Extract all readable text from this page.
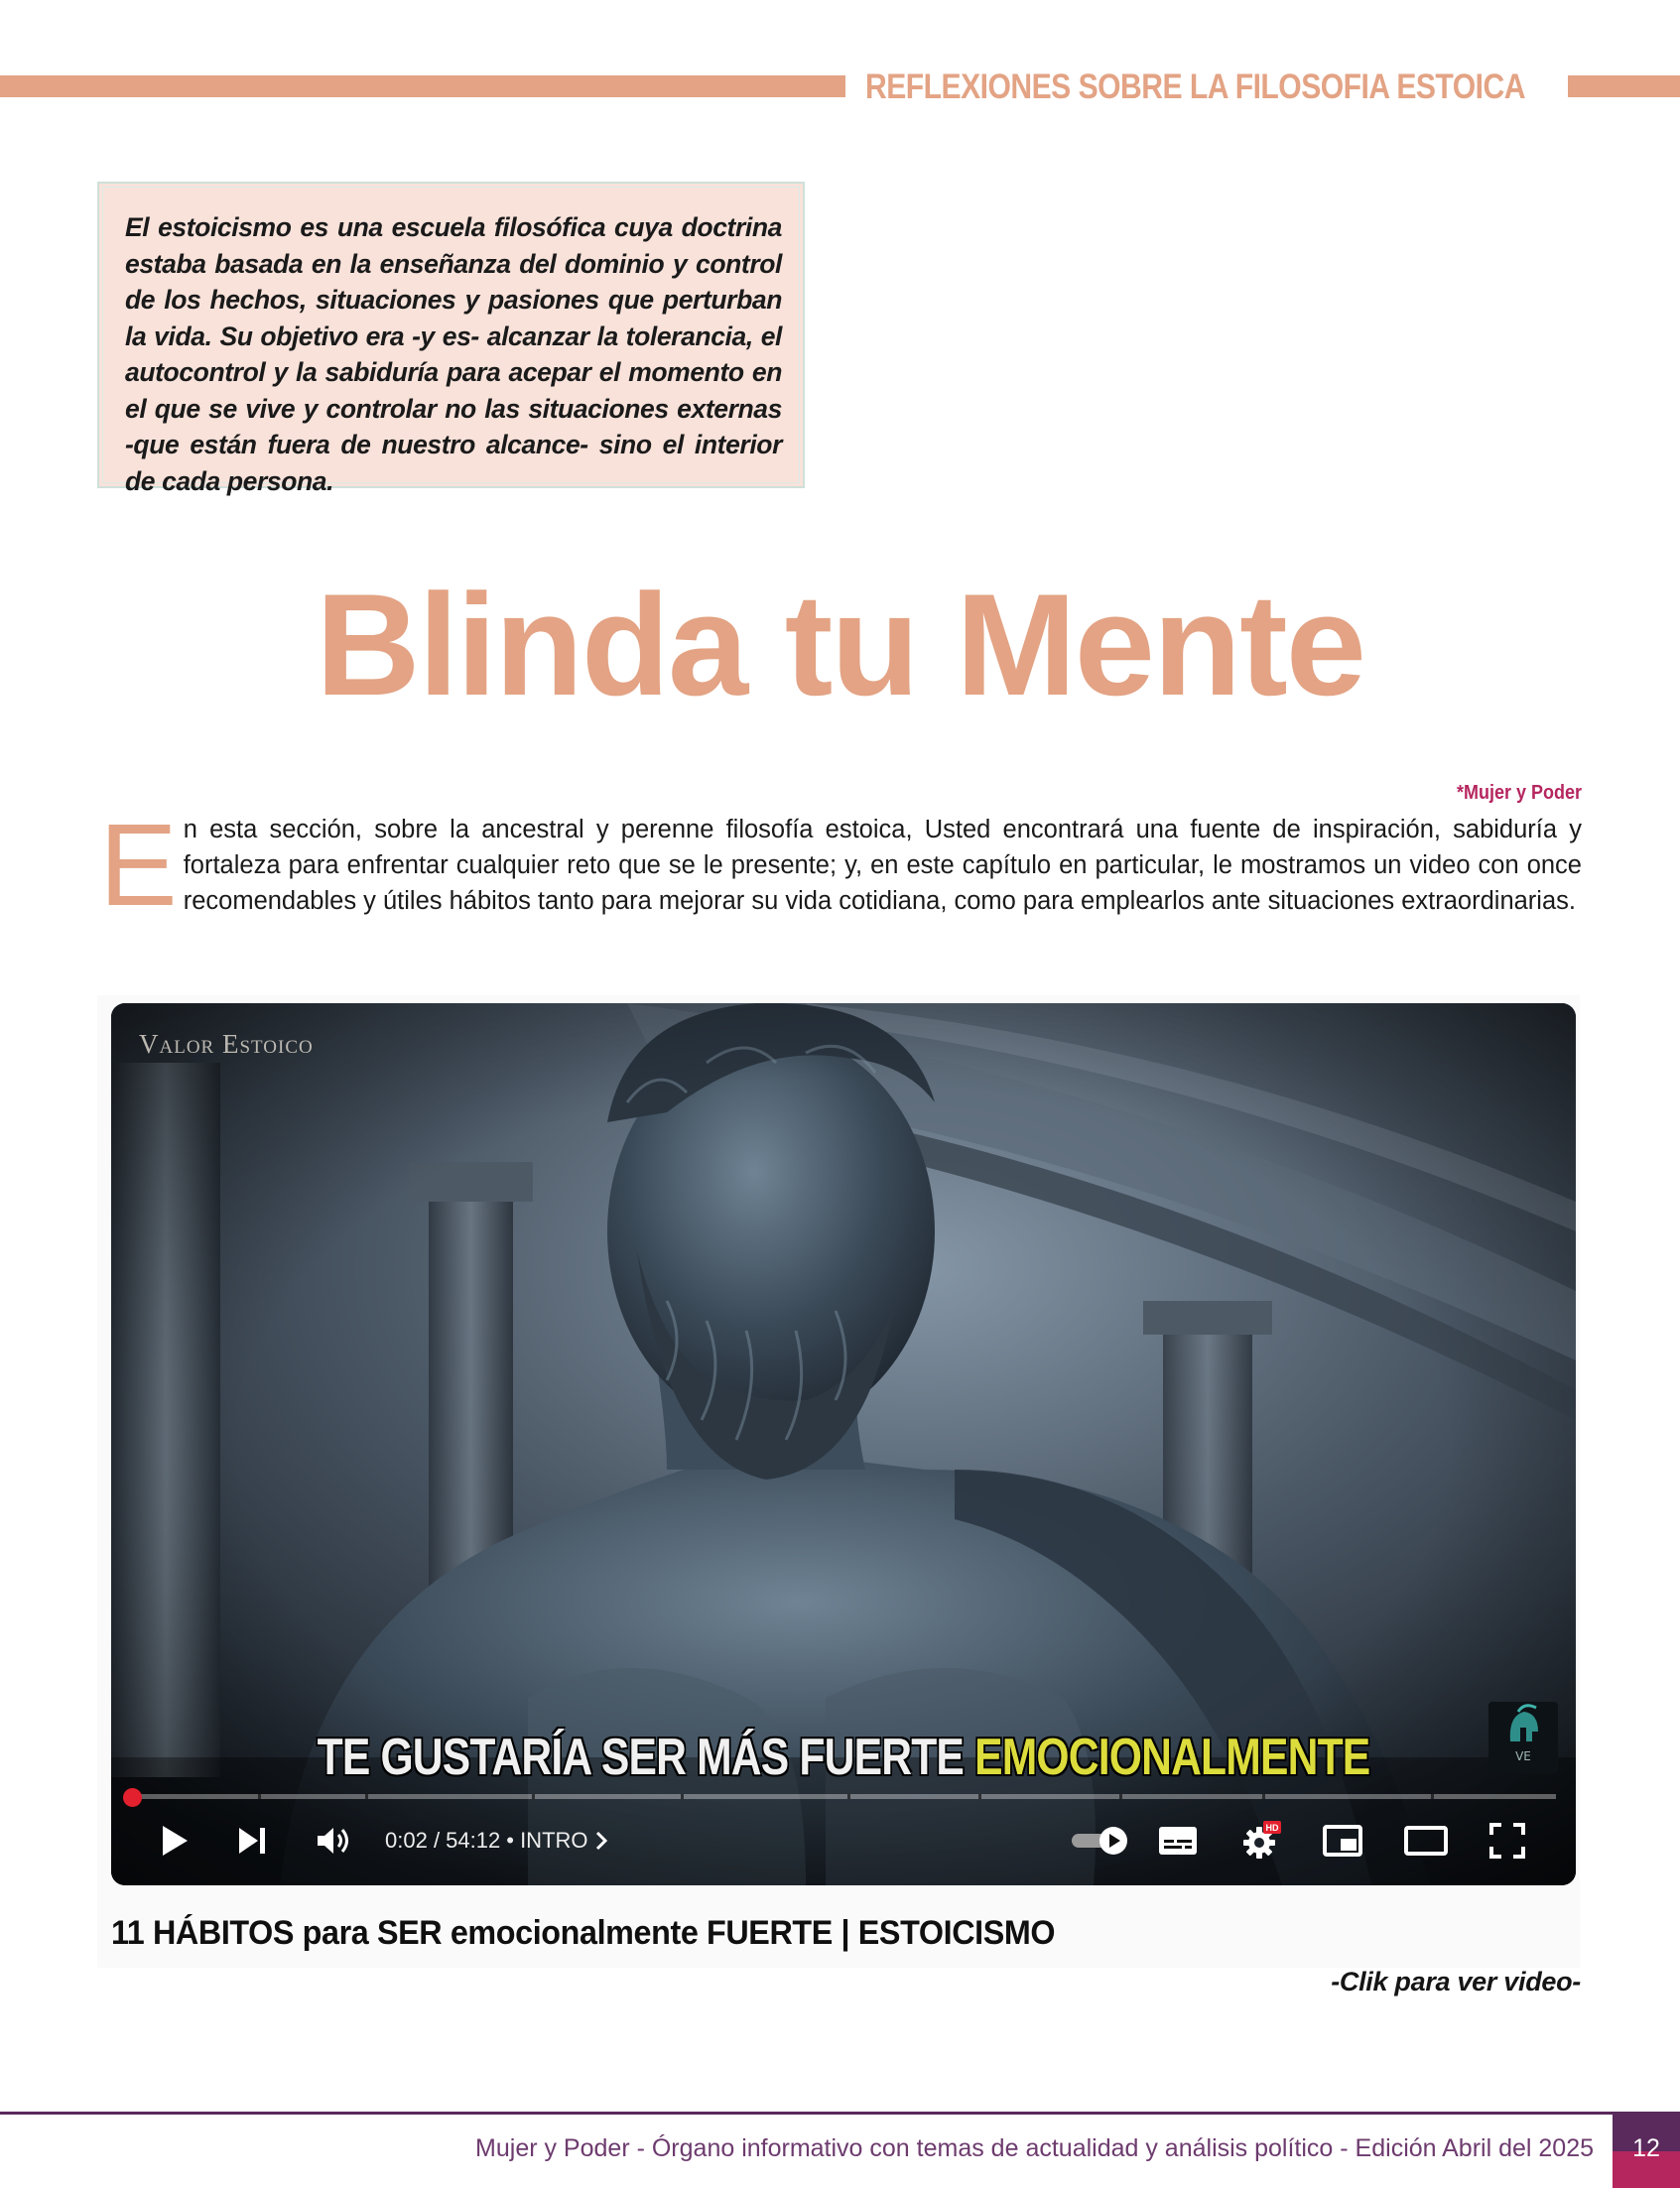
REFLEXIONES SOBRE LA FILOSOFIA ESTOICA

El estoicismo es una escuela filosófica cuya doctrina estaba basada en la enseñanza del dominio y control de los hechos, situaciones y pasiones que perturban la vida. Su objetivo era -y es- alcanzar la tolerancia, el autocontrol y la sabiduría para acepar el momento en el que se vive y controlar no las situaciones externas -que están fuera de nuestro alcance- sino el interior de cada persona.

Blinda tu Mente
*Mujer y Poder

En esta sección, sobre la ancestral y perenne filosofía estoica, Usted encontrará una fuente de inspiración, sabiduría y fortaleza para enfrentar cualquier reto que se le presente; y, en este capítulo en particular, le mostramos un video con once recomendables y útiles hábitos tanto para mejorar su vida cotidiana, como para emplearlos ante situaciones extraordinarias.

Valor Estoico
TE GUSTARÍA SER MÁS FUERTE EMOCIONALMENTE	VE
0:02 / 54:12 • INTRO	HD
11 HÁBITOS para SER emocionalmente FUERTE | ESTOICISMO
-Clik para ver video-
Mujer y Poder - Órgano informativo con temas de actualidad y análisis político - Edición Abril del 2025	12
